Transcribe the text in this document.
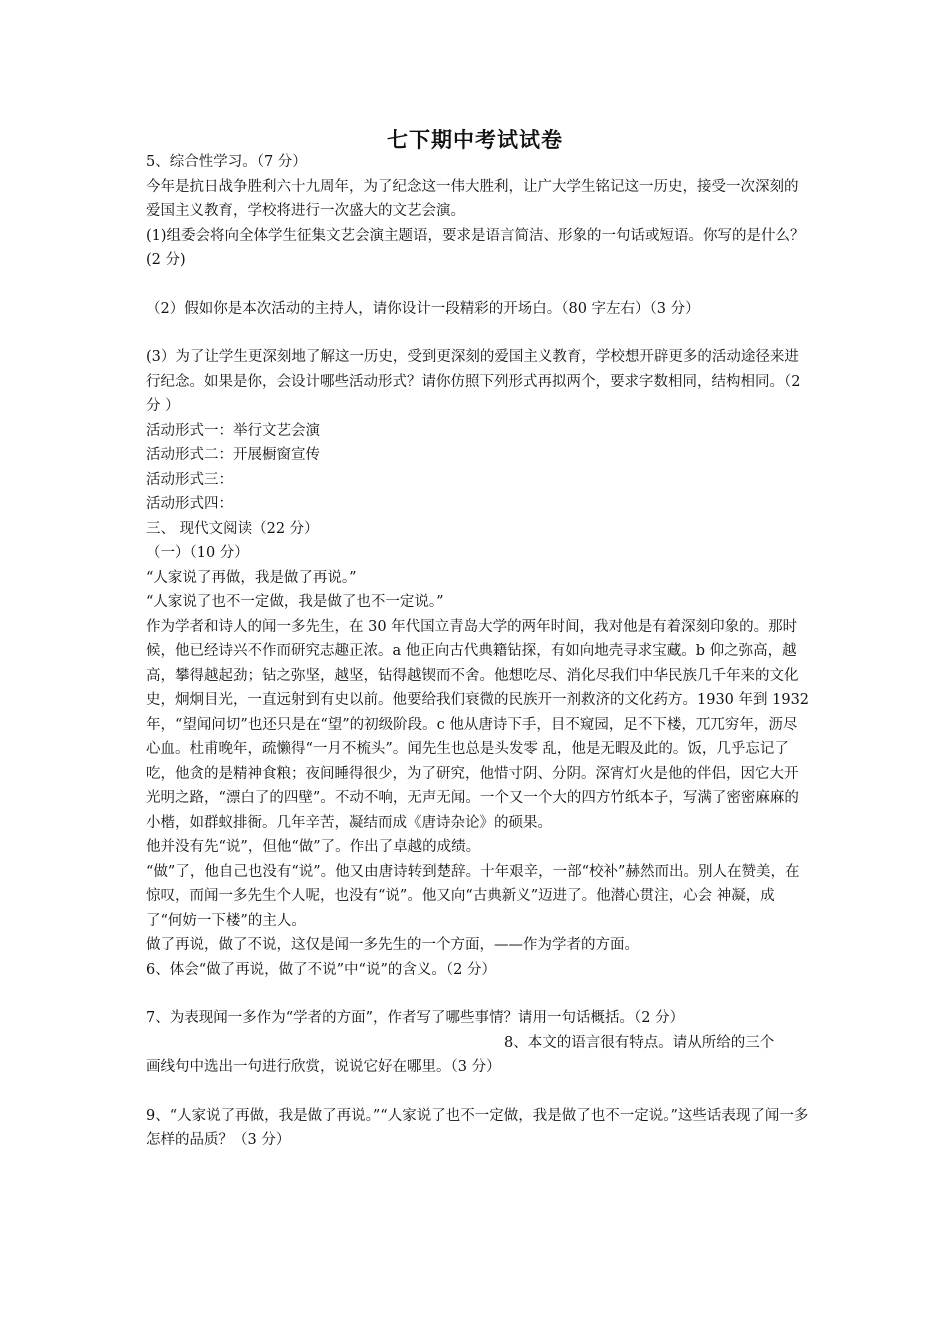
七下期中考试试卷

5、综合性学习。（7 分）

今年是抗日战争胜利六十九周年，为了纪念这一伟大胜利，让广大学生铭记这一历史，接受一次深刻的爱国主义教育，学校将进行一次盛大的文艺会演。

(1)组委会将向全体学生征集文艺会演主题语，要求是语言简洁、形象的一句话或短语。你写的是什么？(2 分)

（2）假如你是本次活动的主持人，请你设计一段精彩的开场白。（80 字左右）（3 分）

(3）为了让学生更深刻地了解这一历史，受到更深刻的爱国主义教育，学校想开辟更多的活动途径来进行纪念。如果是你，会设计哪些活动形式？请你仿照下列形式再拟两个，要求字数相同，结构相同。（2 分 ）

活动形式一：举行文艺会演

活动形式二：开展橱窗宣传

活动形式三：

活动形式四：

三、 现代文阅读（22 分）

（一）（10 分）

“人家说了再做，我是做了再说。”

“人家说了也不一定做，我是做了也不一定说。”

作为学者和诗人的闻一多先生，在 30 年代国立青岛大学的两年时间，我对他是有着深刻印象的。那时候，他已经诗兴不作而研究志趣正浓。a 他正向古代典籍钻探，有如向地壳寻求宝藏。b 仰之弥高，越高，攀得越起劲；钻之弥坚，越坚，钻得越锲而不舍。他想吃尽、消化尽我们中华民族几千年来的文化史，炯炯目光，一直远射到有史以前。他要给我们衰微的民族开一剂救济的文化药方。1930 年到 1932 年，“望闻问切”也还只是在“望”的初级阶段。c 他从唐诗下手，目不窥园，足不下楼，兀兀穷年，沥尽心血。杜甫晚年，疏懒得“一月不梳头”。闻先生也总是头发零 乱，他是无暇及此的。饭，几乎忘记了吃，他贪的是精神食粮；夜间睡得很少，为了研究，他惜寸阴、分阴。深宵灯火是他的伴侣，因它大开光明之路，“漂白了的四壁”。不动不响，无声无闻。一个又一个大的四方竹纸本子，写满了密密麻麻的小楷，如群蚁排衙。几年辛苦，凝结而成《唐诗杂论》的硕果。

他并没有先“说”，但他“做”了。作出了卓越的成绩。

“做”了，他自己也没有“说”。他又由唐诗转到楚辞。十年艰辛，一部“校补”赫然而出。别人在赞美，在惊叹，而闻一多先生个人呢，也没有“说”。他又向“古典新义”迈进了。他潜心贯注，心会 神凝，成了“何妨一下楼”的主人。

做了再说，做了不说，这仅是闻一多先生的一个方面，——作为学者的方面。

6、体会“做了再说，做了不说”中“说”的含义。（2 分）

7、为表现闻一多作为“学者的方面”，作者写了哪些事情？请用一句话概括。（2 分）

8、本文的语言很有特点。请从所给的三个

画线句中选出一句进行欣赏，说说它好在哪里。（3 分）

9、“人家说了再做，我是做了再说。”“人家说了也不一定做，我是做了也不一定说。”这些话表现了闻一多怎样的品质？（3 分）
